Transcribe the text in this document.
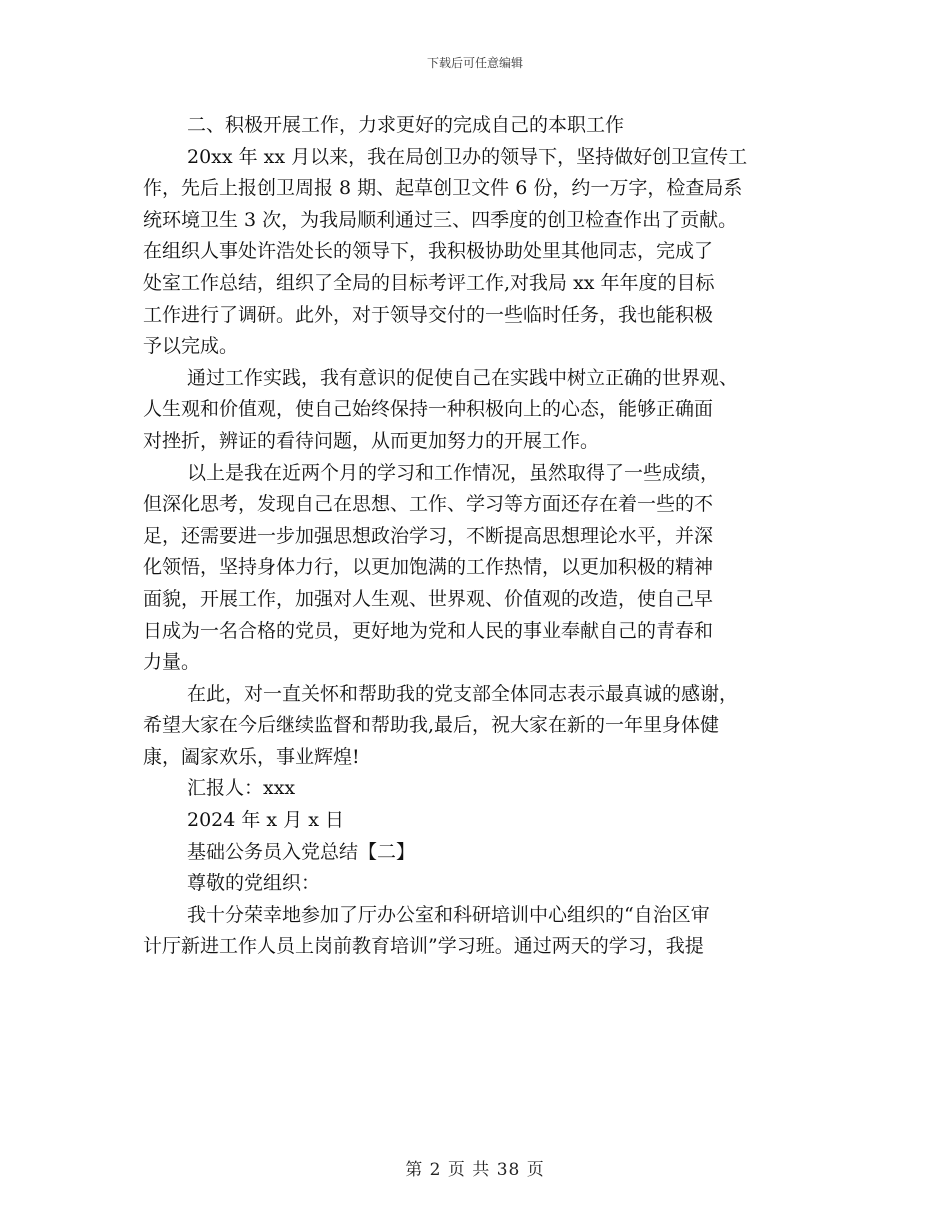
下载后可任意编辑
二、积极开展工作，力求更好的完成自己的本职工作
20xx 年 xx 月以来，我在局创卫办的领导下，坚持做好创卫宣传工
作，先后上报创卫周报 8 期、起草创卫文件 6 份，约一万字，检查局系
统环境卫生 3 次，为我局顺利通过三、四季度的创卫检查作出了贡献。
在组织人事处许浩处长的领导下，我积极协助处里其他同志，完成了
处室工作总结，组织了全局的目标考评工作,对我局 xx 年年度的目标
工作进行了调研。此外，对于领导交付的一些临时任务，我也能积极
予以完成。
通过工作实践，我有意识的促使自己在实践中树立正确的世界观、
人生观和价值观，使自己始终保持一种积极向上的心态，能够正确面
对挫折，辨证的看待问题，从而更加努力的开展工作。
以上是我在近两个月的学习和工作情况，虽然取得了一些成绩，
但深化思考，发现自己在思想、工作、学习等方面还存在着一些的不
足，还需要进一步加强思想政治学习，不断提高思想理论水平，并深
化领悟，坚持身体力行，以更加饱满的工作热情，以更加积极的精神
面貌，开展工作，加强对人生观、世界观、价值观的改造，使自己早
日成为一名合格的党员，更好地为党和人民的事业奉献自己的青春和
力量。
在此，对一直关怀和帮助我的党支部全体同志表示最真诚的感谢，
希望大家在今后继续监督和帮助我,最后，祝大家在新的一年里身体健
康，阖家欢乐，事业辉煌!
汇报人：xxx
2024 年 x 月 x 日
基础公务员入党总结【二】
尊敬的党组织：
我十分荣幸地参加了厅办公室和科研培训中心组织的“自治区审
计厅新进工作人员上岗前教育培训”学习班。通过两天的学习，我提
第 2 页 共 38 页
